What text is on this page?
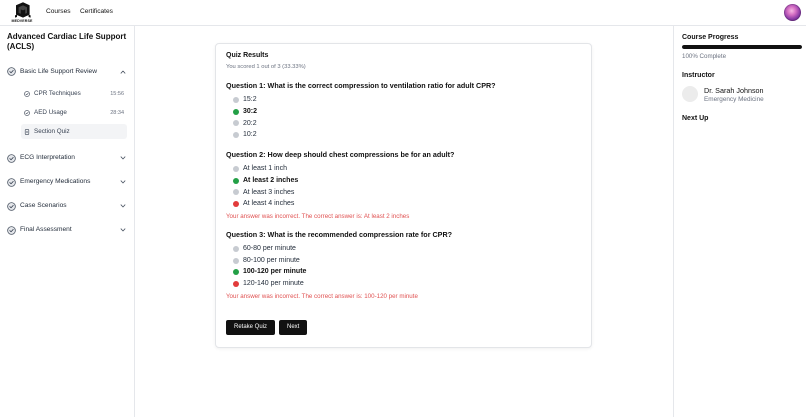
MEDVERSE
Courses Certificates
Advanced Cardiac Life Support (ACLS)
Basic Life Support Review
CPR Techniques	15:56
AED Usage	28:34
Section Quiz
ECG Interpretation
Emergency Medications
Case Scenarios
Final Assessment
Quiz Results
You scored 1 out of 3 (33.33%)
Question 1: What is the correct compression to ventilation ratio for adult CPR?
15:2
30:2
20:2
10:2
Question 2: How deep should chest compressions be for an adult?
At least 1 inch
At least 2 inches
At least 3 inches
At least 4 inches
Your answer was incorrect. The correct answer is: At least 2 inches
Question 3: What is the recommended compression rate for CPR?
60-80 per minute
80-100 per minute
100-120 per minute
120-140 per minute
Your answer was incorrect. The correct answer is: 100-120 per minute
Retake Quiz	Next
Course Progress
100% Complete
Instructor
Dr. Sarah Johnson
Emergency Medicine
Next Up
